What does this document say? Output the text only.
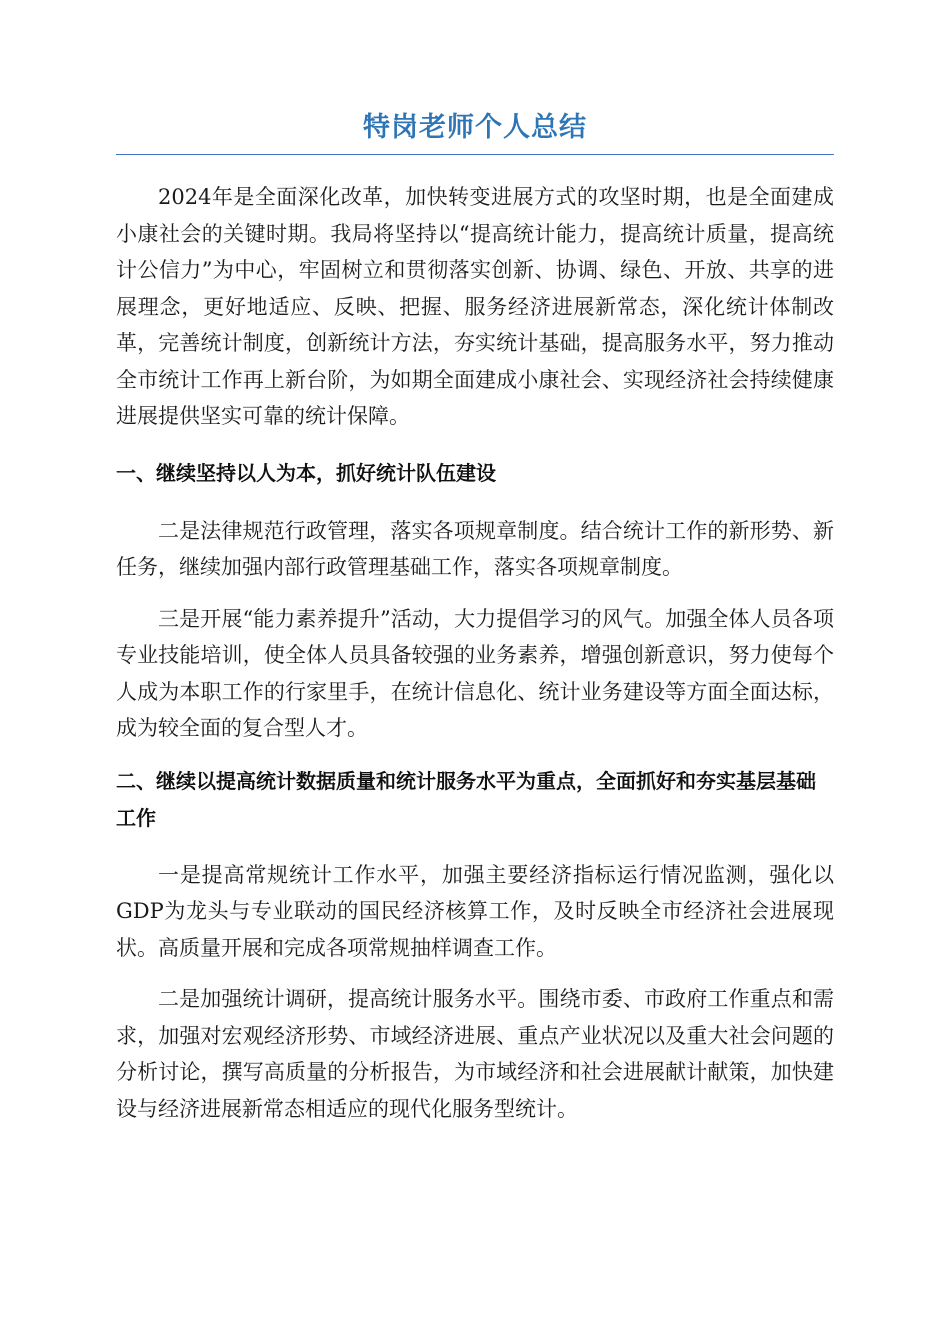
特岗老师个人总结

2024年是全面深化改革，加快转变进展方式的攻坚时期，也是全面建成小康社会的关键时期。我局将坚持以“提高统计能力，提高统计质量，提高统计公信力”为中心，牢固树立和贯彻落实创新、协调、绿色、开放、共享的进展理念，更好地适应、反映、把握、服务经济进展新常态，深化统计体制改革，完善统计制度，创新统计方法，夯实统计基础，提高服务水平，努力推动全市统计工作再上新台阶，为如期全面建成小康社会、实现经济社会持续健康进展提供坚实可靠的统计保障。

一、继续坚持以人为本，抓好统计队伍建设

二是法律规范行政管理，落实各项规章制度。结合统计工作的新形势、新任务，继续加强内部行政管理基础工作，落实各项规章制度。

三是开展“能力素养提升”活动，大力提倡学习的风气。加强全体人员各项专业技能培训，使全体人员具备较强的业务素养，增强创新意识，努力使每个人成为本职工作的行家里手，在统计信息化、统计业务建设等方面全面达标，成为较全面的复合型人才。

二、继续以提高统计数据质量和统计服务水平为重点，全面抓好和夯实基层基础工作

一是提高常规统计工作水平，加强主要经济指标运行情况监测，强化以GDP为龙头与专业联动的国民经济核算工作，及时反映全市经济社会进展现状。高质量开展和完成各项常规抽样调查工作。

二是加强统计调研，提高统计服务水平。围绕市委、市政府工作重点和需求，加强对宏观经济形势、市域经济进展、重点产业状况以及重大社会问题的分析讨论，撰写高质量的分析报告，为市域经济和社会进展献计献策，加快建设与经济进展新常态相适应的现代化服务型统计。
